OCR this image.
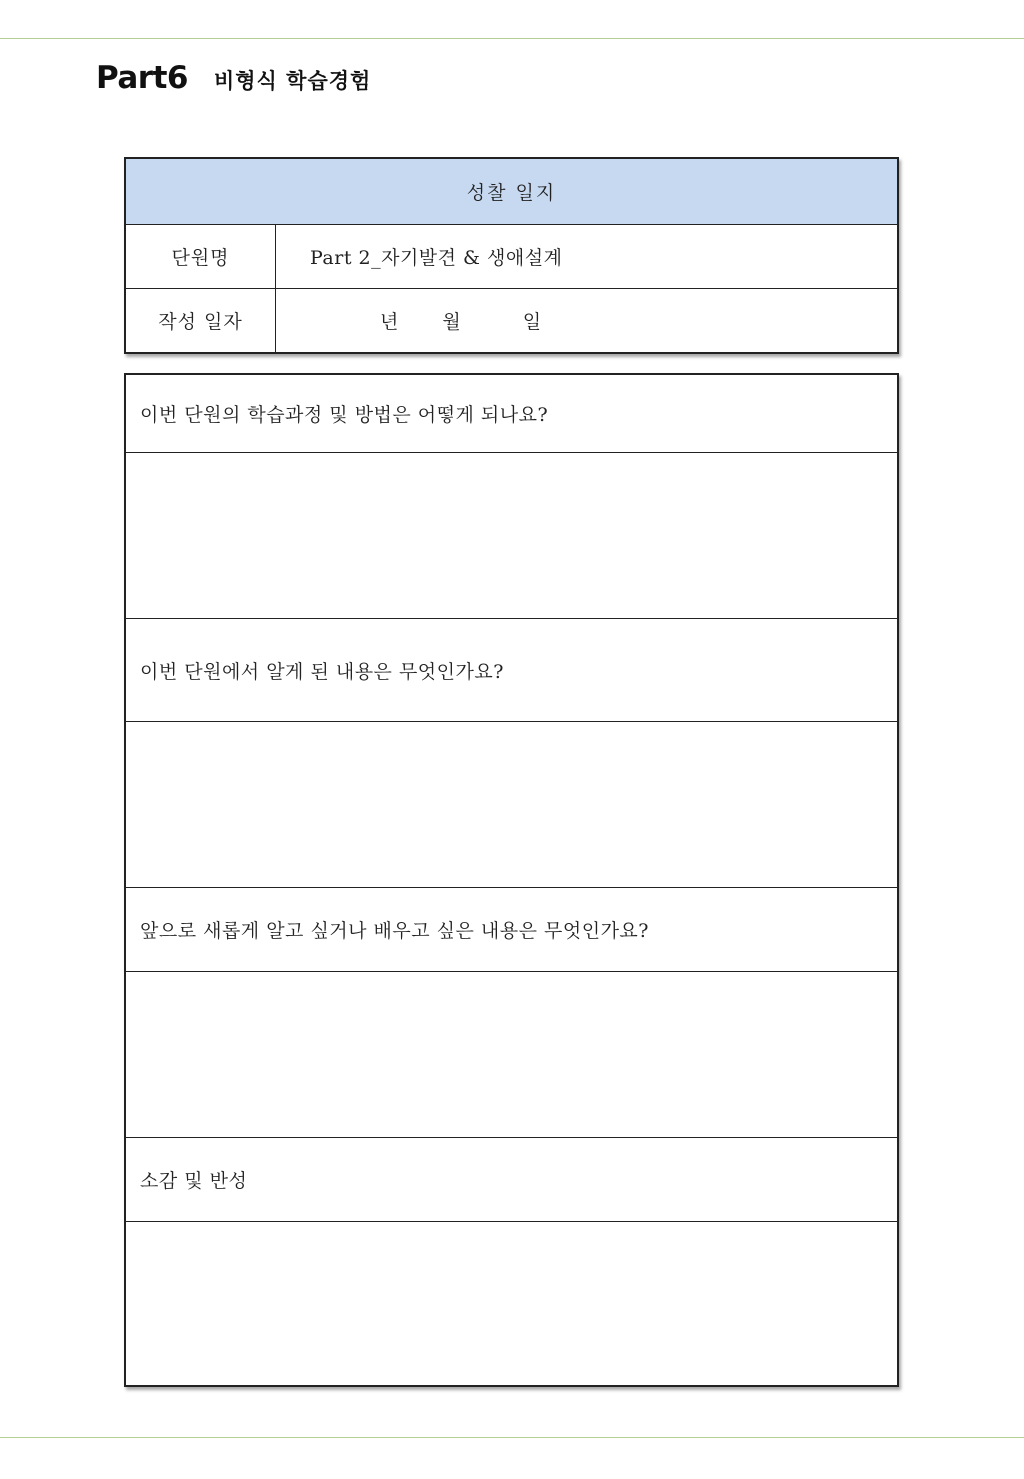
Part6 비형식 학습경험
성찰 일지
단원명	Part 2_자기발견 & 생애설계
작성 일자	년 월	일
이번 단원의 학습과정 및 방법은 어떻게 되나요?
이번 단원에서 알게 된 내용은 무엇인가요?
앞으로 새롭게 알고 싶거나 배우고 싶은 내용은 무엇인가요?
소감 및 반성
